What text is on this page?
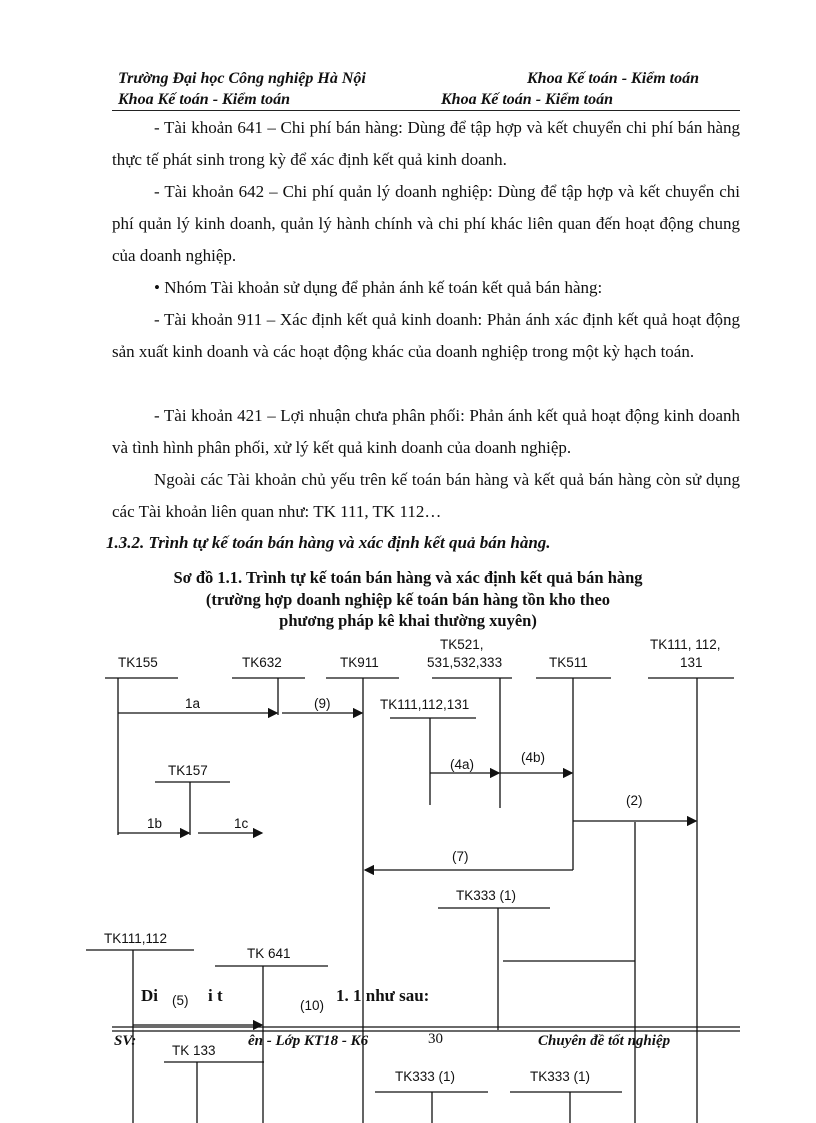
Trường Đại học Công nghiệp Hà Nội	Khoa Kế toán - Kiểm toán
Khoa Kế toán - Kiểm toán	Khoa Kế toán - Kiểm toán
- Tài khoản 641 – Chi phí bán hàng: Dùng để tập hợp và kết chuyển chi phí bán hàng thực tế phát sinh trong kỳ để xác định kết quả kinh doanh.
- Tài khoản 642 – Chi phí quản lý doanh nghiệp: Dùng để tập hợp và kết chuyển chi phí quản lý kinh doanh, quản lý hành chính và chi phí khác liên quan đến hoạt động chung của doanh nghiệp.
• Nhóm Tài khoản sử dụng để phản ánh kế toán kết quả bán hàng:
- Tài khoản 911 – Xác định kết quả kinh doanh: Phản ánh xác định kết quả hoạt động sản xuất kinh doanh và các hoạt động khác của doanh nghiệp trong một kỳ hạch toán.
- Tài khoản 421 – Lợi nhuận chưa phân phối: Phản ánh kết quả hoạt động kinh doanh và tình hình phân phối, xử lý kết quả kinh doanh của doanh nghiệp.
Ngoài các Tài khoản chủ yếu trên kế toán bán hàng và kết quả bán hàng còn sử dụng các Tài khoản liên quan như: TK 111, TK 112…
1.3.2. Trình tự kế toán bán hàng và xác định kết quả bán hàng.
Sơ đồ 1.1. Trình tự kế toán bán hàng và xác định kết quả bán hàng
(trường hợp doanh nghiệp kế toán bán hàng tồn kho theo
phương pháp kê khai thường xuyên)
TK155	TK632	TK911
TK521,
531,532,333	TK511
TK111, 112,
131
TK111,112,131
TK157
TK333 (1)
TK111,112
TK 641
TK 133
TK333 (1)	TK333 (1)
1a	(9)
(4a)	(4b)
(2)
1b	1c
(7)
(5)	(10)
Di	i t	1. 1 như sau:
SV:	ên - Lớp KT18 - K6	30	Chuyên đề tốt nghiệp
